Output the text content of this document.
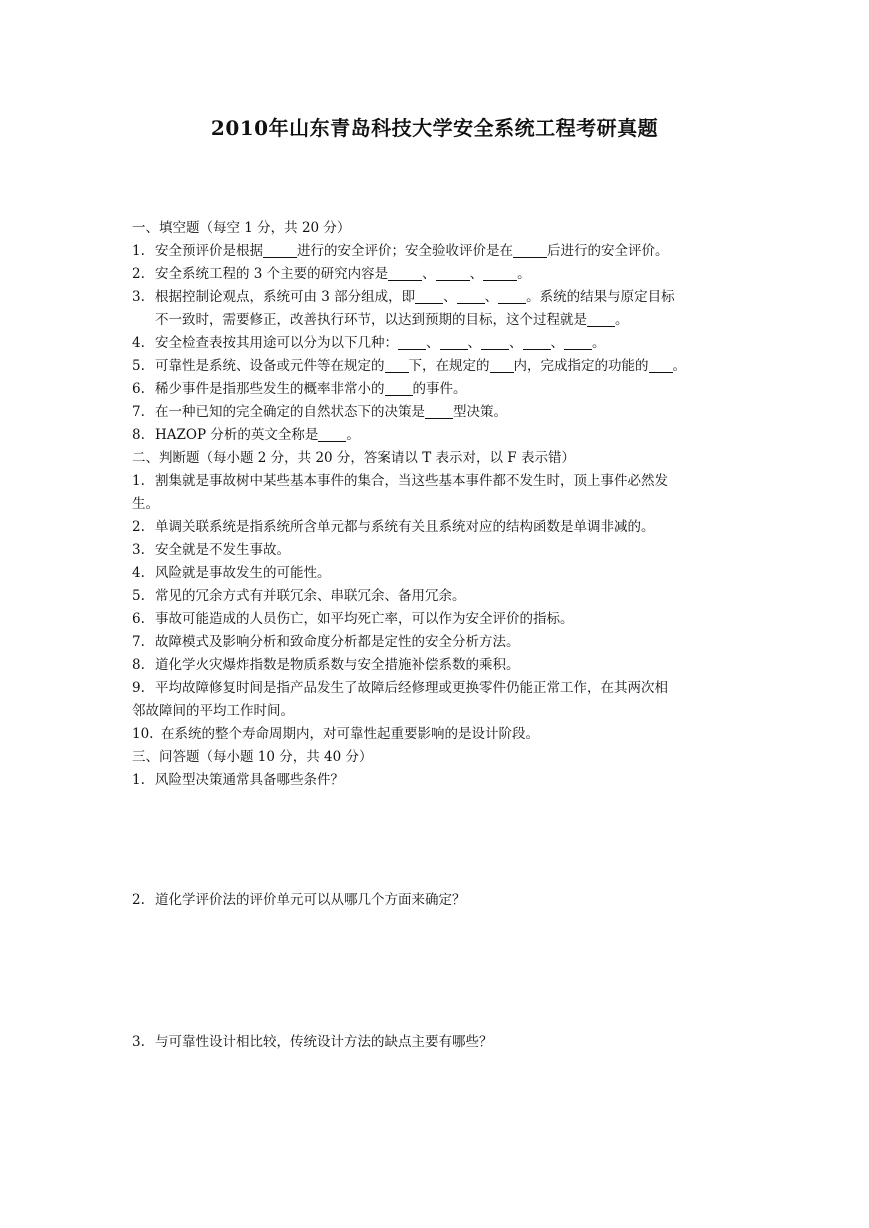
2010年山东青岛科技大学安全系统工程考研真题

一、填空题（每空 1 分，共 20 分）

1. 安全预评价是根据	进行的安全评价；安全验收评价是在	后进行的安全评价。

2. 安全系统工程的 3 个主要的研究内容是	、	、	。

3. 根据控制论观点，系统可由 3 部分组成，即 、 、 。系统的结果与原定目标

不一致时，需要修正，改善执行环节，以达到预期的目标，这个过程就是 。

4. 安全检查表按其用途可以分为以下几种： 、 、 、 、 。

5. 可靠性是系统、设备或元件等在规定的 下，在规定的 内，完成指定的功能的 。

6. 稀少事件是指那些发生的概率非常小的 的事件。

7. 在一种已知的完全确定的自然状态下的决策是 型决策。

8. HAZOP 分析的英文全称是 。

二、判断题（每小题 2 分，共 20 分，答案请以 T 表示对，以 F 表示错）

1. 割集就是事故树中某些基本事件的集合，当这些基本事件都不发生时，顶上事件必然发

生。

2. 单调关联系统是指系统所含单元都与系统有关且系统对应的结构函数是单调非减的。

3. 安全就是不发生事故。

4. 风险就是事故发生的可能性。

5. 常见的冗余方式有并联冗余、串联冗余、备用冗余。

6. 事故可能造成的人员伤亡，如平均死亡率，可以作为安全评价的指标。

7. 故障模式及影响分析和致命度分析都是定性的安全分析方法。

8. 道化学火灾爆炸指数是物质系数与安全措施补偿系数的乘积。

9. 平均故障修复时间是指产品发生了故障后经修理或更换零件仍能正常工作，在其两次相

邻故障间的平均工作时间。

10. 在系统的整个寿命周期内，对可靠性起重要影响的是设计阶段。

三、问答题（每小题 10 分，共 40 分）

1. 风险型决策通常具备哪些条件？

2. 道化学评价法的评价单元可以从哪几个方面来确定？

3. 与可靠性设计相比较，传统设计方法的缺点主要有哪些？
